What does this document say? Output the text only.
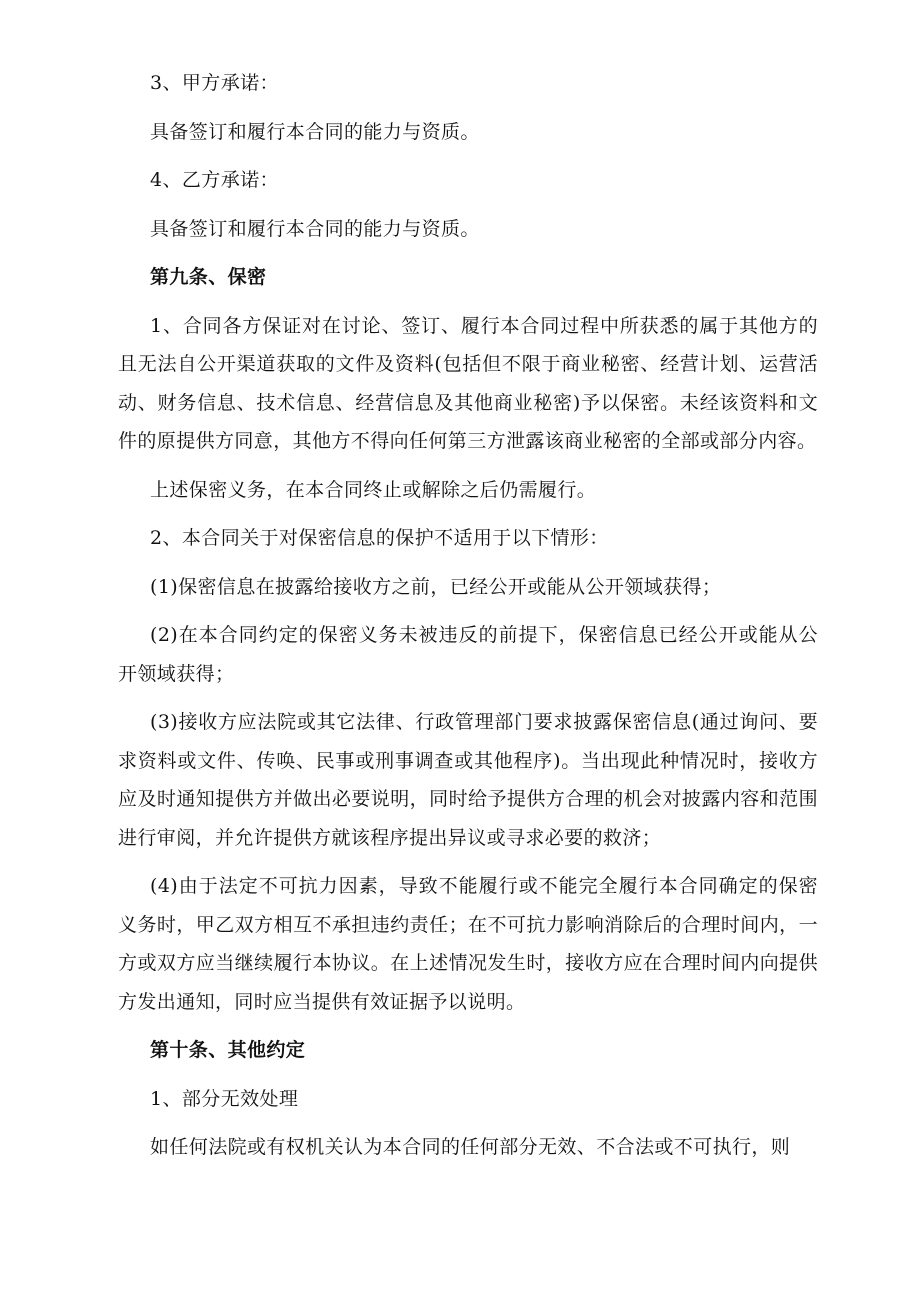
3、甲方承诺：

具备签订和履行本合同的能力与资质。

4、乙方承诺：

具备签订和履行本合同的能力与资质。

第九条、保密

1、合同各方保证对在讨论、签订、履行本合同过程中所获悉的属于其他方的且无法自公开渠道获取的文件及资料(包括但不限于商业秘密、经营计划、运营活动、财务信息、技术信息、经营信息及其他商业秘密)予以保密。未经该资料和文件的原提供方同意，其他方不得向任何第三方泄露该商业秘密的全部或部分内容。

上述保密义务，在本合同终止或解除之后仍需履行。

2、本合同关于对保密信息的保护不适用于以下情形：

(1)保密信息在披露给接收方之前，已经公开或能从公开领域获得；

(2)在本合同约定的保密义务未被违反的前提下，保密信息已经公开或能从公开领域获得；

(3)接收方应法院或其它法律、行政管理部门要求披露保密信息(通过询问、要求资料或文件、传唤、民事或刑事调查或其他程序)。当出现此种情况时，接收方应及时通知提供方并做出必要说明，同时给予提供方合理的机会对披露内容和范围进行审阅，并允许提供方就该程序提出异议或寻求必要的救济；

(4)由于法定不可抗力因素，导致不能履行或不能完全履行本合同确定的保密义务时，甲乙双方相互不承担违约责任；在不可抗力影响消除后的合理时间内，一方或双方应当继续履行本协议。在上述情况发生时，接收方应在合理时间内向提供方发出通知，同时应当提供有效证据予以说明。

第十条、其他约定

1、部分无效处理

如任何法院或有权机关认为本合同的任何部分无效、不合法或不可执行，则
